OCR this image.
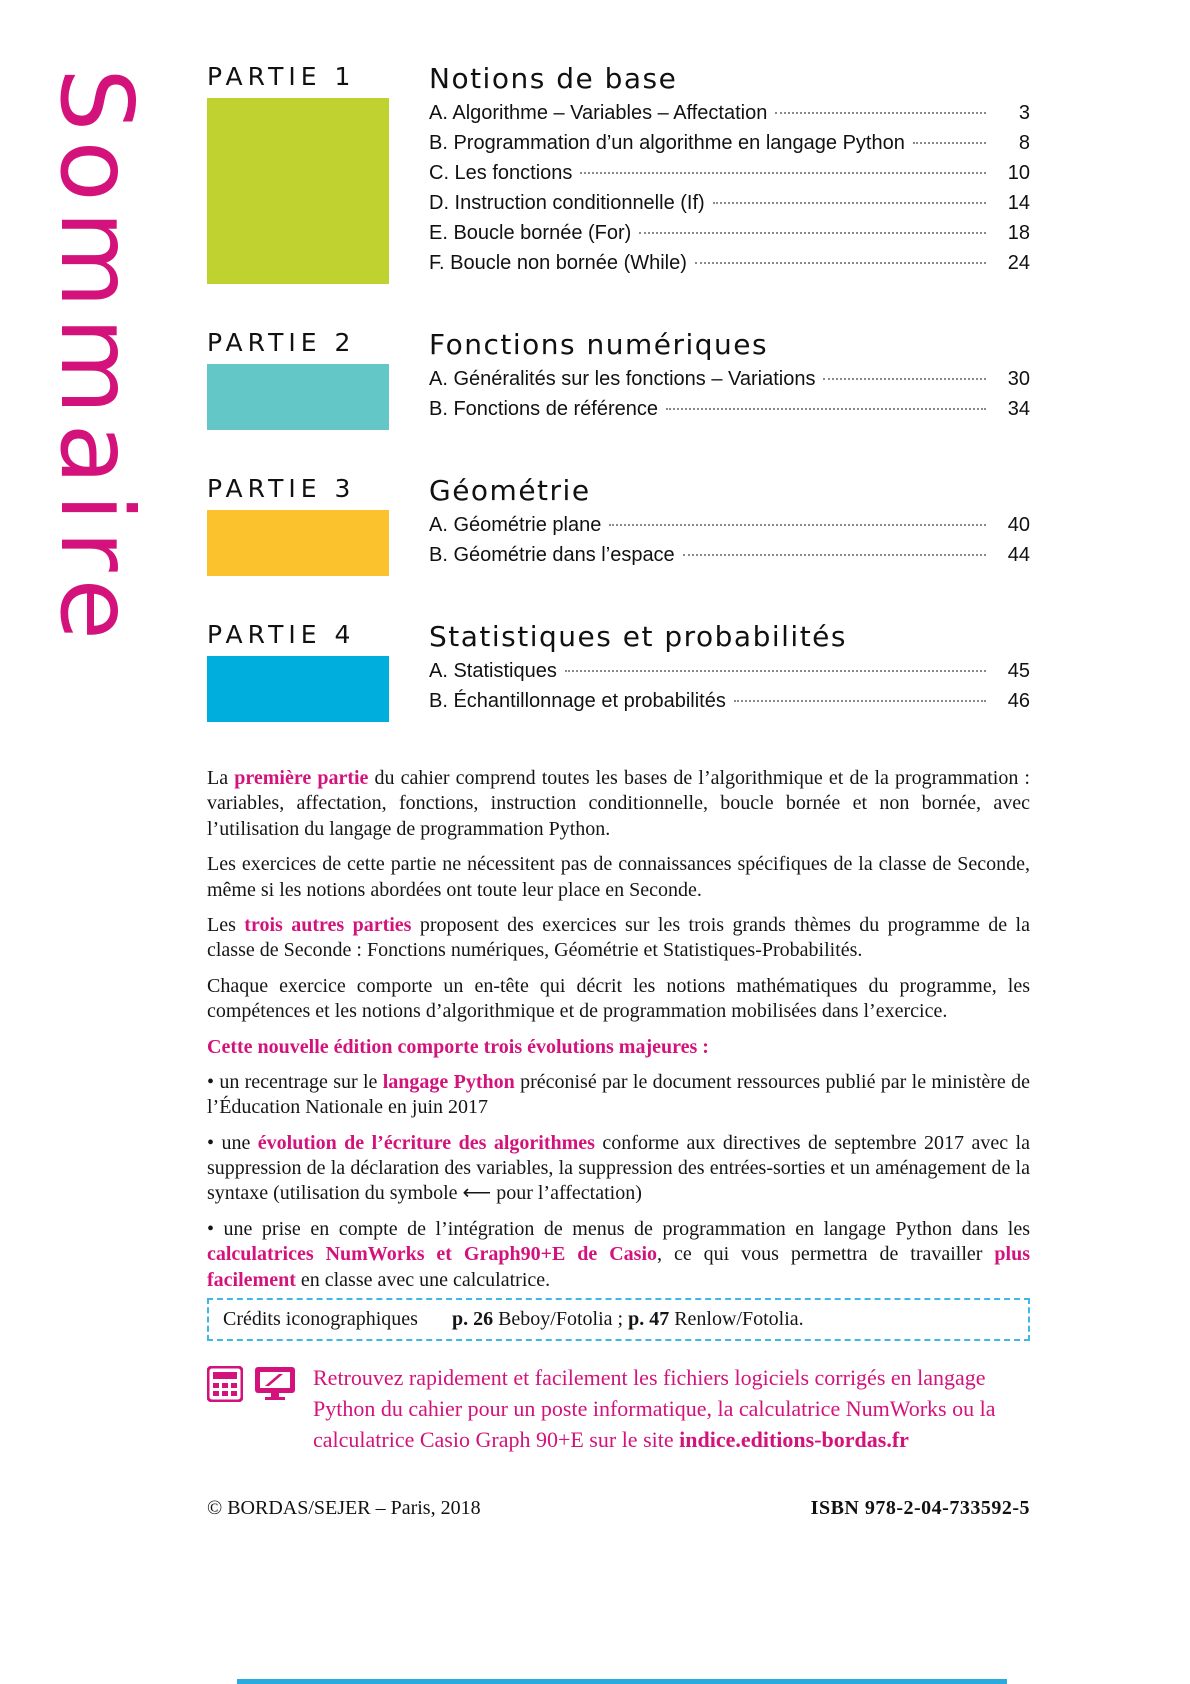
Sommaire PARTIE 1	Notions de base
A. Algorithme – Variables – Affectation	3
B. Programmation d’un algorithme en langage Python	8
C. Les fonctions	10
D. Instruction conditionnelle (If)	14
E. Boucle bornée (For)	18
F. Boucle non bornée (While)	24
PARTIE 2	Fonctions numériques
A. Généralités sur les fonctions – Variations	30
B. Fonctions de référence	34
PARTIE 3	Géométrie
A. Géométrie plane	40
B. Géométrie dans l’espace	44
PARTIE 4	Statistiques et probabilités
A. Statistiques	45
B. Échantillonnage et probabilités	46

La première partie du cahier comprend toutes les bases de l’algorithmique et de la programmation : variables, affectation, fonctions, instruction conditionnelle, boucle bornée et non bornée, avec l’utilisation du langage de programmation Python.

Les exercices de cette partie ne nécessitent pas de connaissances spécifiques de la classe de Seconde, même si les notions abordées ont toute leur place en Seconde.

Les trois autres parties proposent des exercices sur les trois grands thèmes du programme de la classe de Seconde : Fonctions numériques, Géométrie et Statistiques-Probabilités.

Chaque exercice comporte un en-tête qui décrit les notions mathématiques du programme, les compétences et les notions d’algorithmique et de programmation mobilisées dans l’exercice.

Cette nouvelle édition comporte trois évolutions majeures :

• un recentrage sur le langage Python préconisé par le document ressources publié par le ministère de l’Éducation Nationale en juin 2017

• une évolution de l’écriture des algorithmes conforme aux directives de septembre 2017 avec la suppression de la déclaration des variables, la suppression des entrées-sorties et un aménagement de la syntaxe (utilisation du symbole ⟵ pour l’affectation)

• une prise en compte de l’intégration de menus de programmation en langage Python dans les calculatrices NumWorks et Graph90+E de Casio, ce qui vous permettra de travailler plus facilement en classe avec une calculatrice.

Crédits iconographiques p. 26 Beboy/Fotolia ; p. 47 Renlow/Fotolia.
Retrouvez rapidement et facilement les fichiers logiciels corrigés en langage Python du cahier pour un poste informatique, la calculatrice NumWorks ou la calculatrice Casio Graph 90+E sur le site indice.editions-bordas.fr
© BORDAS/SEJER – Paris, 2018	ISBN 978-2-04-733592-5
